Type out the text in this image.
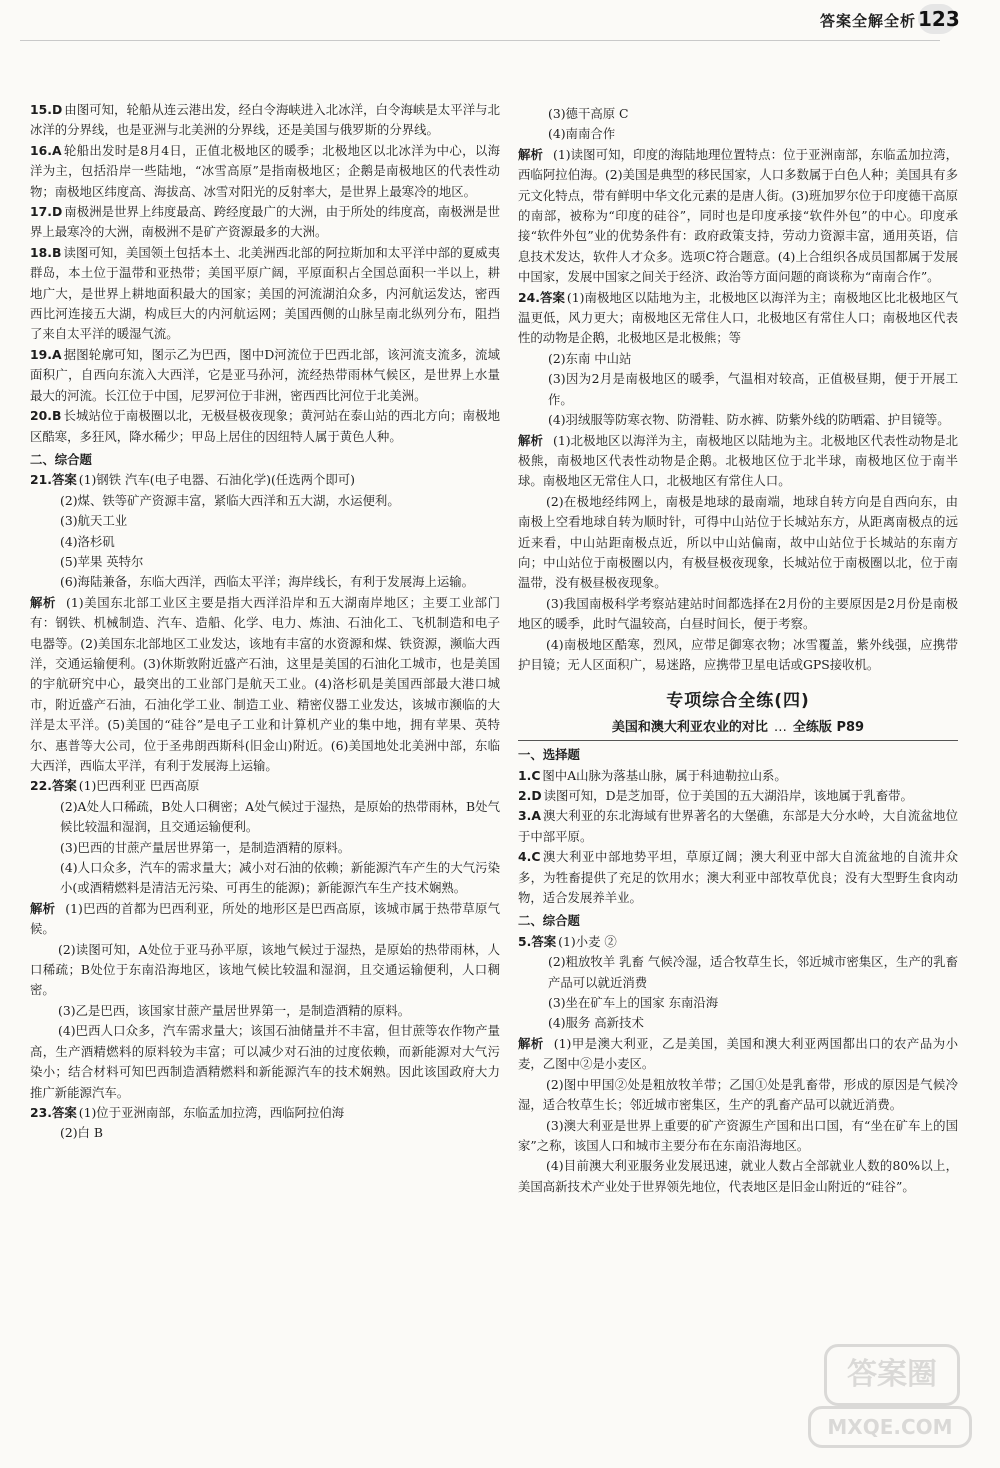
答案全解全析 123

15.D 由图可知，轮船从连云港出发，经白令海峡进入北冰洋，白令海峡是太平洋与北冰洋的分界线，也是亚洲与北美洲的分界线，还是美国与俄罗斯的分界线。

16.A 轮船出发时是8月4日，正值北极地区的暖季；北极地区以北冰洋为中心，以海洋为主，包括沿岸一些陆地，“冰雪高原”是指南极地区；企鹅是南极地区的代表性动物；南极地区纬度高、海拔高、冰雪对阳光的反射率大，是世界上最寒冷的地区。

17.D 南极洲是世界上纬度最高、跨经度最广的大洲，由于所处的纬度高，南极洲是世界上最寒冷的大洲，南极洲不是矿产资源最多的大洲。

18.B 读图可知，美国领土包括本土、北美洲西北部的阿拉斯加和太平洋中部的夏威夷群岛，本土位于温带和亚热带；美国平原广阔，平原面积占全国总面积一半以上，耕地广大，是世界上耕地面积最大的国家；美国的河流湖泊众多，内河航运发达，密西西比河连接五大湖，构成巨大的内河航运网；美国西侧的山脉呈南北纵列分布，阻挡了来自太平洋的暖湿气流。

19.A 据图轮廓可知，图示乙为巴西，图中D河流位于巴西北部，该河流支流多，流域面积广，自西向东流入大西洋，它是亚马孙河，流经热带雨林气候区，是世界上水量最大的河流。长江位于中国，尼罗河位于非洲，密西西比河位于北美洲。

20.B 长城站位于南极圈以北，无极昼极夜现象；黄河站在泰山站的西北方向；南极地区酷寒，多狂风，降水稀少；甲岛上居住的因纽特人属于黄色人种。

二、综合题

21.答案 (1)钢铁 汽车(电子电器、石油化学)(任选两个即可)

(2)煤、铁等矿产资源丰富，紧临大西洋和五大湖，水运便利。

(3)航天工业

(4)洛杉矶

(5)苹果 英特尔

(6)海陆兼备，东临大西洋，西临太平洋；海岸线长，有利于发展海上运输。

解析 (1)美国东北部工业区主要是指大西洋沿岸和五大湖南岸地区；主要工业部门有：钢铁、机械制造、汽车、造船、化学、电力、炼油、石油化工、飞机制造和电子电器等。(2)美国东北部地区工业发达，该地有丰富的水资源和煤、铁资源，濒临大西洋，交通运输便利。(3)休斯敦附近盛产石油，这里是美国的石油化工城市，也是美国的宇航研究中心，最突出的工业部门是航天工业。(4)洛杉矶是美国西部最大港口城市，附近盛产石油，石油化学工业、制造工业、精密仪器工业发达，该城市濒临的大洋是太平洋。(5)美国的“硅谷”是电子工业和计算机产业的集中地，拥有苹果、英特尔、惠普等大公司，位于圣弗朗西斯科(旧金山)附近。(6)美国地处北美洲中部，东临大西洋，西临太平洋，有利于发展海上运输。

22.答案 (1)巴西利亚 巴西高原

(2)A处人口稀疏，B处人口稠密；A处气候过于湿热，是原始的热带雨林，B处气候比较温和湿润，且交通运输便利。

(3)巴西的甘蔗产量居世界第一，是制造酒精的原料。

(4)人口众多，汽车的需求量大；减小对石油的依赖；新能源汽车产生的大气污染小(或酒精燃料是清洁无污染、可再生的能源)；新能源汽车生产技术娴熟。

解析 (1)巴西的首都为巴西利亚，所处的地形区是巴西高原，该城市属于热带草原气候。

(2)读图可知，A处位于亚马孙平原，该地气候过于湿热，是原始的热带雨林，人口稀疏；B处位于东南沿海地区，该地气候比较温和湿润，且交通运输便利，人口稠密。

(3)乙是巴西，该国家甘蔗产量居世界第一，是制造酒精的原料。

(4)巴西人口众多，汽车需求量大；该国石油储量并不丰富，但甘蔗等农作物产量高，生产酒精燃料的原料较为丰富；可以减少对石油的过度依赖，而新能源对大气污染小；结合材料可知巴西制造酒精燃料和新能源汽车的技术娴熟。因此该国政府大力推广新能源汽车。

23.答案 (1)位于亚洲南部，东临孟加拉湾，西临阿拉伯海

(2)白 B

(3)德干高原 C

(4)南南合作

解析 (1)读图可知，印度的海陆地理位置特点：位于亚洲南部，东临孟加拉湾，西临阿拉伯海。(2)美国是典型的移民国家，人口多数属于白色人种；美国具有多元文化特点，带有鲜明中华文化元素的是唐人街。(3)班加罗尔位于印度德干高原的南部，被称为“印度的硅谷”，同时也是印度承接“软件外包”的中心。印度承接“软件外包”业的优势条件有：政府政策支持，劳动力资源丰富，通用英语，信息技术发达，软件人才众多。选项C符合题意。(4)上合组织各成员国都属于发展中国家，发展中国家之间关于经济、政治等方面问题的商谈称为“南南合作”。

24.答案 (1)南极地区以陆地为主，北极地区以海洋为主；南极地区比北极地区气温更低，风力更大；南极地区无常住人口，北极地区有常住人口；南极地区代表性的动物是企鹅，北极地区是北极熊；等

(2)东南 中山站

(3)因为2月是南极地区的暖季，气温相对较高，正值极昼期，便于开展工作。

(4)羽绒服等防寒衣物、防滑鞋、防水裤、防紫外线的防晒霜、护目镜等。

解析 (1)北极地区以海洋为主，南极地区以陆地为主。北极地区代表性动物是北极熊，南极地区代表性动物是企鹅。北极地区位于北半球，南极地区位于南半球。南极地区无常住人口，北极地区有常住人口。

(2)在极地经纬网上，南极是地球的最南端，地球自转方向是自西向东，由南极上空看地球自转为顺时针，可得中山站位于长城站东方，从距离南极点的远近来看，中山站距南极点近，所以中山站偏南，故中山站位于长城站的东南方向；中山站位于南极圈以内，有极昼极夜现象，长城站位于南极圈以北，位于南温带，没有极昼极夜现象。

(3)我国南极科学考察站建站时间都选择在2月份的主要原因是2月份是南极地区的暖季，此时气温较高，白昼时间长，便于考察。

(4)南极地区酷寒，烈风，应带足御寒衣物；冰雪覆盖，紫外线强，应携带护目镜；无人区面积广，易迷路，应携带卫星电话或GPS接收机。

专项综合全练(四)

美国和澳大利亚农业的对比 … 全练版 P89

一、选择题

1.C 图中A山脉为落基山脉，属于科迪勒拉山系。

2.D 读图可知，D是芝加哥，位于美国的五大湖沿岸，该地属于乳畜带。

3.A 澳大利亚的东北海域有世界著名的大堡礁，东部是大分水岭，大自流盆地位于中部平原。

4.C 澳大利亚中部地势平坦，草原辽阔；澳大利亚中部大自流盆地的自流井众多，为牲畜提供了充足的饮用水；澳大利亚中部牧草优良；没有大型野生食肉动物，适合发展养羊业。

二、综合题

5.答案 (1)小麦 ②

(2)粗放牧羊 乳畜 气候冷湿，适合牧草生长，邻近城市密集区，生产的乳畜产品可以就近消费

(3)坐在矿车上的国家 东南沿海

(4)服务 高新技术

解析 (1)甲是澳大利亚，乙是美国，美国和澳大利亚两国都出口的农产品为小麦，乙图中②是小麦区。

(2)图中甲国②处是粗放牧羊带；乙国①处是乳畜带，形成的原因是气候冷湿，适合牧草生长；邻近城市密集区，生产的乳畜产品可以就近消费。

(3)澳大利亚是世界上重要的矿产资源生产国和出口国，有“坐在矿车上的国家”之称，该国人口和城市主要分布在东南沿海地区。

(4)目前澳大利亚服务业发展迅速，就业人数占全部就业人数的80%以上，美国高新技术产业处于世界领先地位，代表地区是旧金山附近的“硅谷”。

答案圈
MXQE.COM
